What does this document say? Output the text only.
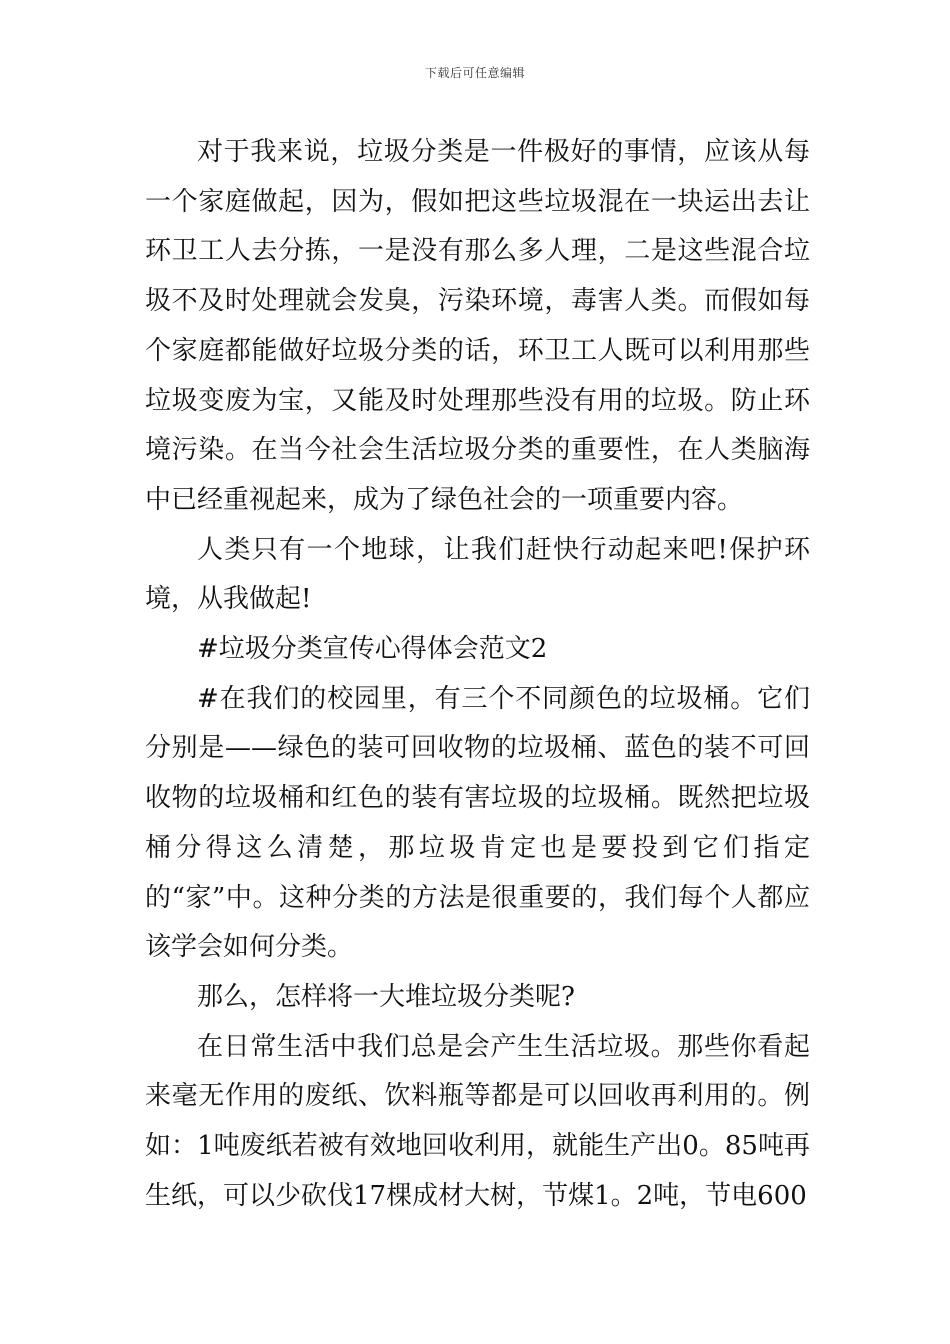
下载后可任意编辑

对于我来说，垃圾分类是一件极好的事情，应该从每一个家庭做起，因为，假如把这些垃圾混在一块运出去让环卫工人去分拣，一是没有那么多人理，二是这些混合垃圾不及时处理就会发臭，污染环境，毒害人类。而假如每个家庭都能做好垃圾分类的话，环卫工人既可以利用那些垃圾变废为宝，又能及时处理那些没有用的垃圾。防止环境污染。在当今社会生活垃圾分类的重要性，在人类脑海中已经重视起来，成为了绿色社会的一项重要内容。

人类只有一个地球，让我们赶快行动起来吧!保护环境，从我做起!

#垃圾分类宣传心得体会范文2

#在我们的校园里，有三个不同颜色的垃圾桶。它们分别是——绿色的装可回收物的垃圾桶、蓝色的装不可回收物的垃圾桶和红色的装有害垃圾的垃圾桶。既然把垃圾桶分得这么清楚，那垃圾肯定也是要投到它们指定的“家”中。这种分类的方法是很重要的，我们每个人都应该学会如何分类。

那么，怎样将一大堆垃圾分类呢?

在日常生活中我们总是会产生生活垃圾。那些你看起来毫无作用的废纸、饮料瓶等都是可以回收再利用的。例如：1吨废纸若被有效地回收利用，就能生产出0。85吨再生纸，可以少砍伐17棵成材大树，节煤1。2吨，节电600
